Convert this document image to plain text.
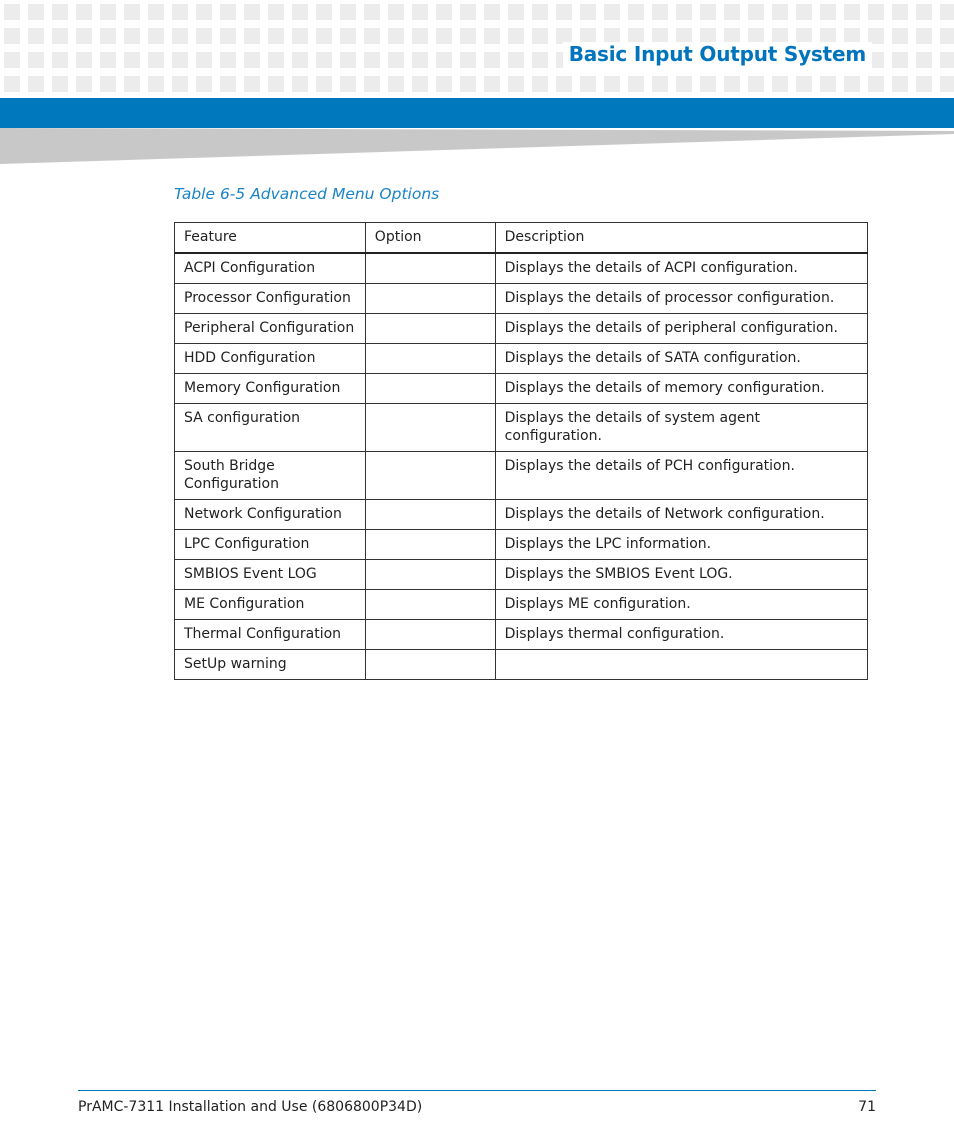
Basic Input Output System
Table 6-5 Advanced Menu Options
Feature	Option	Description
ACPI Configuration		Displays the details of ACPI configuration.
Processor Configuration		Displays the details of processor configuration.
Peripheral Configuration		Displays the details of peripheral configuration.
HDD Configuration		Displays the details of SATA configuration.
Memory Configuration		Displays the details of memory configuration.
SA configuration		Displays the details of system agent configuration.
South Bridge Configuration		Displays the details of PCH configuration.
Network Configuration		Displays the details of Network configuration.
LPC Configuration		Displays the LPC information.
SMBIOS Event LOG		Displays the SMBIOS Event LOG.
ME Configuration		Displays ME configuration.
Thermal Configuration		Displays thermal configuration.
SetUp warning		
PrAMC-7311 Installation and Use (6806800P34D)	71
